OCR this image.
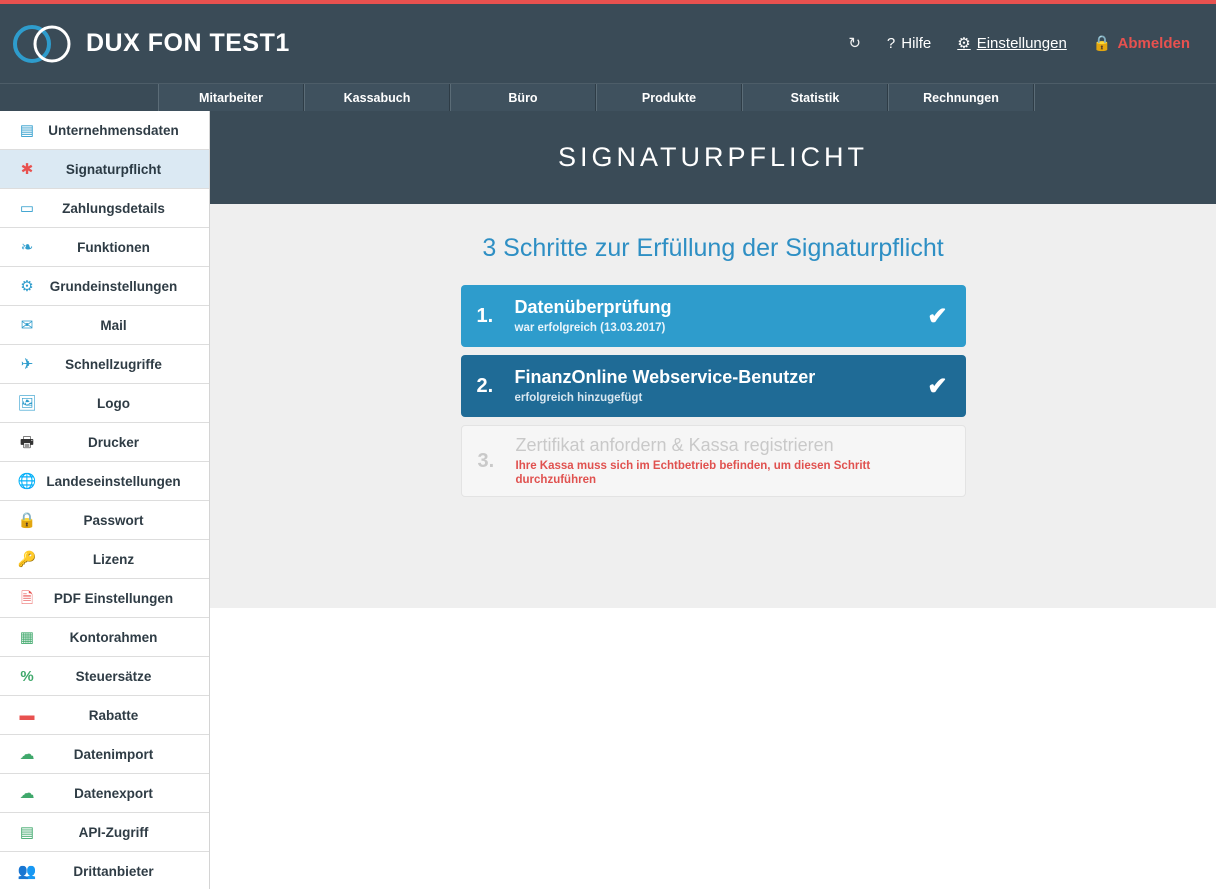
DUX FON TEST1	↻ ? Hilfe ⚙ Einstellungen 🔒 Abmelden
Mitarbeiter	Kassabuch	Büro	Produkte	Statistik	Rechnungen
▤	Unternehmensdaten
✱	Signaturpflicht
▭	Zahlungsdetails
❧	Funktionen
⚙	Grundeinstellungen
✉	Mail
✈	Schnellzugriffe
🖼	Logo
🖶	Drucker
🌐 Landeseinstellungen
🔒	Passwort
🔑	Lizenz
🗎	PDF Einstellungen
▦	Kontorahmen
%	Steuersätze
▬	Rabatte
☁	Datenimport
☁	Datenexport
▤	API-Zugriff
👥	Drittanbieter
SIGNATURPFLICHT
3 Schritte zur Erfüllung der Signaturpflicht
1.	Datenüberprüfung
war erfolgreich (13.03.2017)	✔
2.	FinanzOnline Webservice-Benutzer
erfolgreich hinzugefügt	✔
3.
Zertifikat anfordern & Kassa registrieren
Ihre Kassa muss sich im Echtbetrieb befinden, um diesen Schritt durchzuführen
